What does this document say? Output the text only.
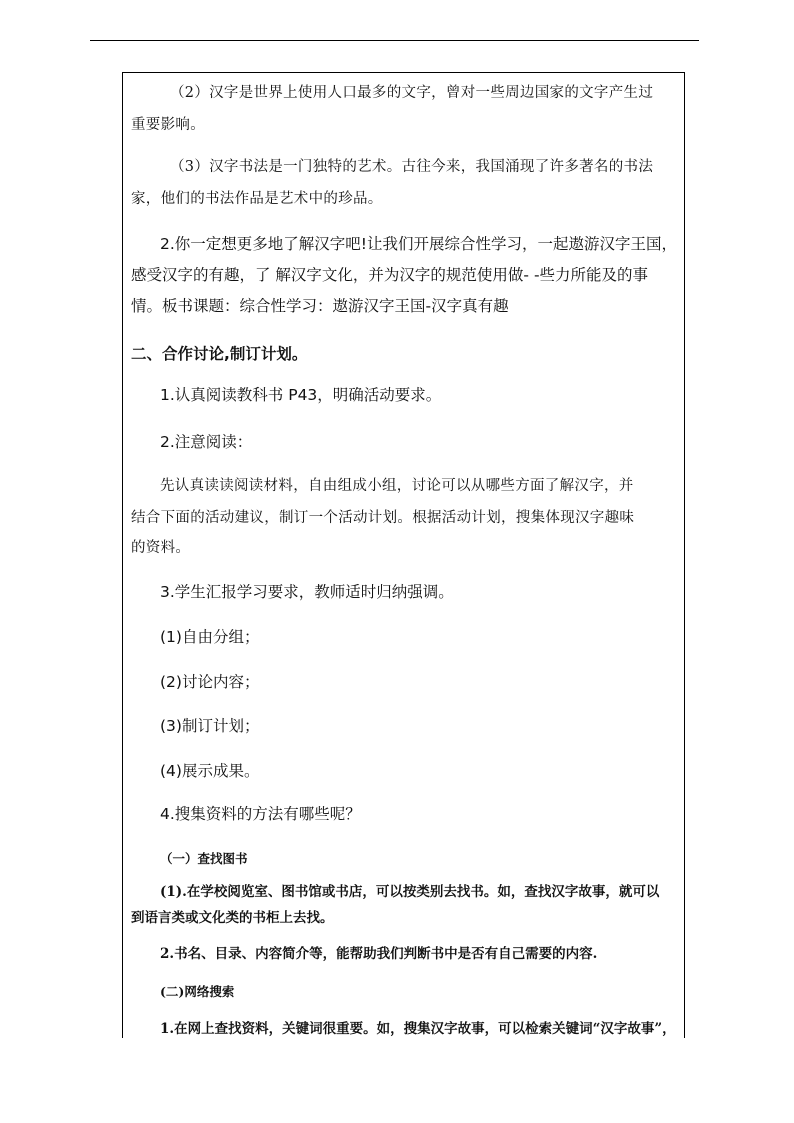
（2）汉字是世界上使用人口最多的文字，曾对一些周边国家的文字产生过
重要影响。
（3）汉字书法是一门独特的艺术。古往今来，我国涌现了许多著名的书法
家，他们的书法作品是艺术中的珍品。
2.你一定想更多地了解汉字吧!让我们开展综合性学习，一起遨游汉字王国，
感受汉字的有趣，了 解汉字文化，并为汉字的规范使用做- -些力所能及的事
情。板书课题：综合性学习：遨游汉字王国-汉字真有趣
二、合作讨论,制订计划。
1.认真阅读教科书 P43，明确活动要求。
2.注意阅读：
先认真读读阅读材料，自由组成小组，讨论可以从哪些方面了解汉字，并
结合下面的活动建议，制订一个活动计划。根据活动计划，搜集体现汉字趣味
的资料。
3.学生汇报学习要求，教师适时归纳强调。
(1)自由分组；
(2)讨论内容；
(3)制订计划；
(4)展示成果。
4.搜集资料的方法有哪些呢？
（一）查找图书
(1).在学校阅览室、图书馆或书店，可以按类别去找书。如，查找汉字故事，就可以
到语言类或文化类的书柜上去找。
2.书名、目录、内容简介等，能帮助我们判断书中是否有自己需要的内容.
(二)网络搜索
1.在网上查找资料，关键词很重要。如，搜集汉字故事，可以检索关键词“汉字故事”，
